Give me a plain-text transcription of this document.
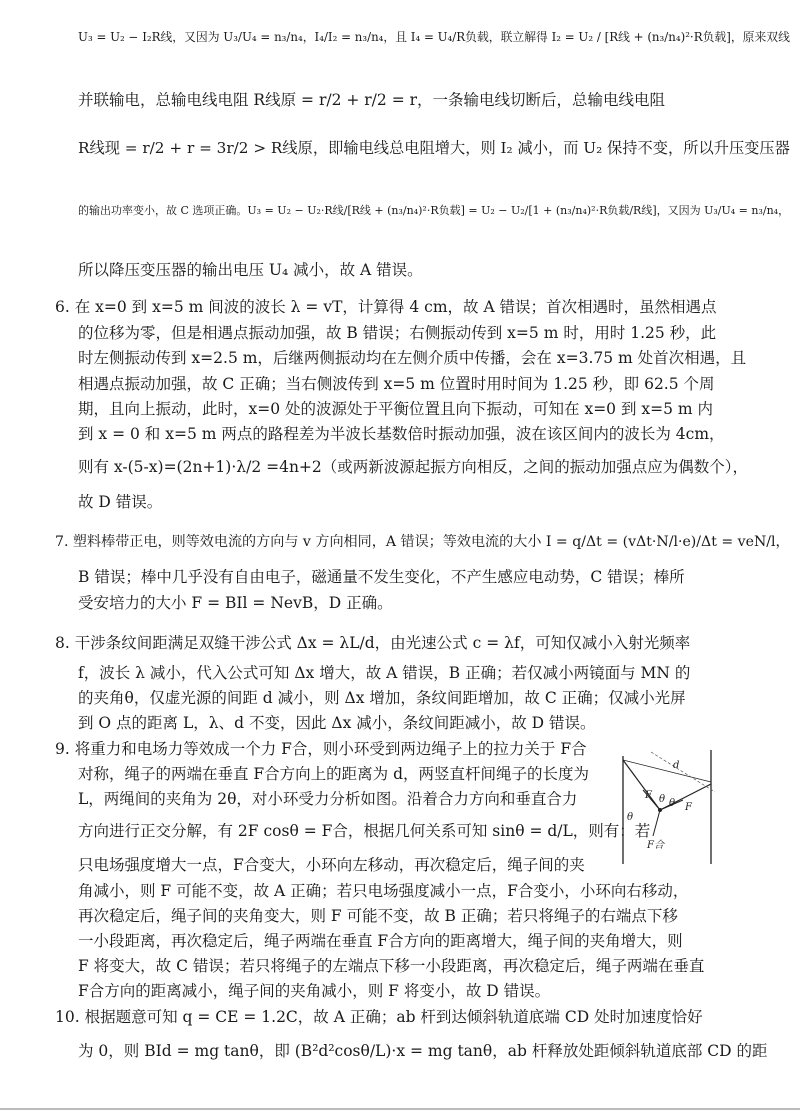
U₃ = U₂ − I₂R线，又因为 U₃/U₄ = n₃/n₄，I₄/I₂ = n₃/n₄，且 I₄ = U₄/R负载，联立解得 I₂ = U₂ / [R线 + (n₃/n₄)²·R负载]，原来双线
并联输电，总输电线电阻 R线原 = r/2 + r/2 = r，一条输电线切断后，总输电线电阻
R线现 = r/2 + r = 3r/2 > R线原，即输电线总电阻增大，则 I₂ 减小，而 U₂ 保持不变，所以升压变压器
的输出功率变小，故 C 选项正确。U₃ = U₂ − U₂·R线/[R线 + (n₃/n₄)²·R负载] = U₂ − U₂/[1 + (n₃/n₄)²·R负载/R线]，又因为 U₃/U₄ = n₃/n₄，
所以降压变压器的输出电压 U₄ 减小，故 A 错误。
6. 在 x=0 到 x=5 m 间波的波长 λ = vT，计算得 4 cm，故 A 错误；首次相遇时，虽然相遇点
的位移为零，但是相遇点振动加强，故 B 错误；右侧振动传到 x=5 m 时，用时 1.25 秒，此
时左侧振动传到 x=2.5 m，后继两侧振动均在左侧介质中传播，会在 x=3.75 m 处首次相遇，且
相遇点振动加强，故 C 正确；当右侧波传到 x=5 m 位置时用时间为 1.25 秒，即 62.5 个周
期，且向上振动，此时，x=0 处的波源处于平衡位置且向下振动，可知在 x=0 到 x=5 m 内
到 x = 0 和 x=5 m 两点的路程差为半波长基数倍时振动加强，波在该区间内的波长为 4cm，
则有 x-(5-x)=(2n+1)·λ/2 =4n+2（或两新波源起振方向相反，之间的振动加强点应为偶数个），
故 D 错误。
7. 塑料棒带正电，则等效电流的方向与 v 方向相同，A 错误；等效电流的大小 I = q/Δt = (vΔt·N/l·e)/Δt = veN/l，
B 错误；棒中几乎没有自由电子，磁通量不发生变化，不产生感应电动势，C 错误；棒所
受安培力的大小 F = BIl = NevB，D 正确。
8. 干涉条纹间距满足双缝干涉公式 Δx = λL/d，由光速公式 c = λf，可知仅减小入射光频率
f，波长 λ 减小，代入公式可知 Δx 增大，故 A 错误，B 正确；若仅减小两镜面与 MN 的
的夹角θ，仅虚光源的间距 d 减小，则 Δx 增加，条纹间距增加，故 C 正确；仅减小光屏
到 O 点的距离 L，λ、d 不变，因此 Δx 减小，条纹间距减小，故 D 错误。
9. 将重力和电场力等效成一个力 F合，则小环受到两边绳子上的拉力关于 F合
对称，绳子的两端在垂直 F合方向上的距离为 d，两竖直杆间绳子的长度为
L，两绳间的夹角为 2θ，对小环受力分析如图。沿着合力方向和垂直合力
方向进行正交分解，有 2F cosθ = F合，根据几何关系可知 sinθ = d/L，则有：若
只电场强度增大一点，F合变大，小环向左移动，再次稳定后，绳子间的夹
角减小，则 F 可能不变，故 A 正确；若只电场强度减小一点，F合变小，小环向右移动，
再次稳定后，绳子间的夹角变大，则 F 可能不变，故 B 正确；若只将绳子的右端点下移
一小段距离，再次稳定后，绳子两端在垂直 F合方向的距离增大，绳子间的夹角增大，则
F 将变大，故 C 错误；若只将绳子的左端点下移一小段距离，再次稳定后，绳子两端在垂直
F合方向的距离减小，绳子间的夹角减小，则 F 将变小，故 D 错误。
10. 根据题意可知 q = CE = 1.2C，故 A 正确；ab 杆到达倾斜轨道底端 CD 处时加速度恰好
为 0，则 BId = mg tanθ，即 (B²d²cosθ/L)·x = mg tanθ，ab 杆释放处距倾斜轨道底部 CD 的距
d
F
F
θ θ
θ
F合
